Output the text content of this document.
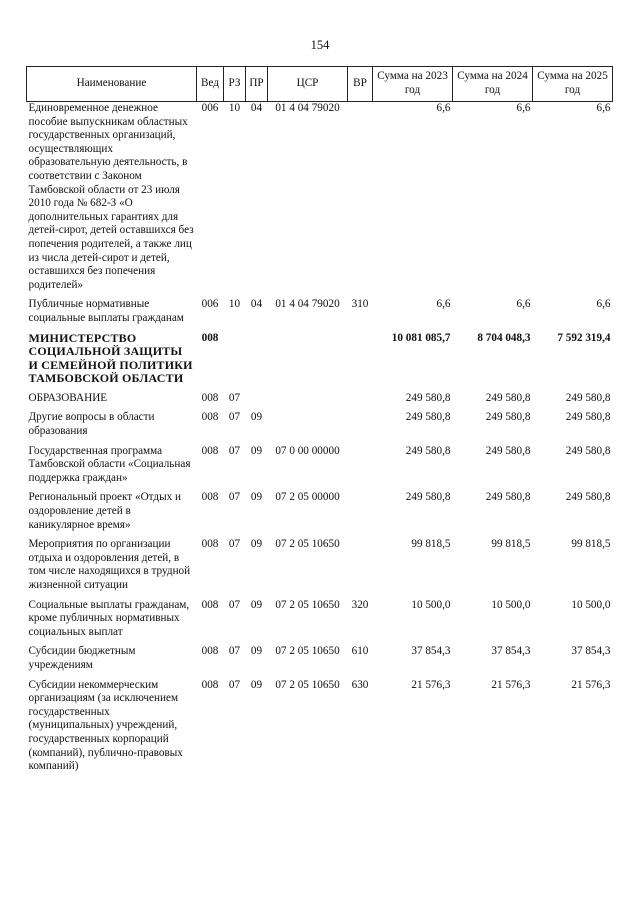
154
Наименование	Вед	РЗ	ПР	ЦСР	ВР	Сумма на 2023 год	Сумма на 2024 год	Сумма на 2025 год
Единовременное денежное пособие выпускникам областных государственных организаций, осуществляющих образовательную деятельность, в соответствии с Законом Тамбовской области от 23 июля 2010 года № 682-З «О дополнительных гарантиях для детей-сирот, детей оставшихся без попечения родителей, а также лиц из числа детей-сирот и детей, оставшихся без попечения родителей»	006	10	04	01 4 04 79020		6,6	6,6	6,6
Публичные нормативные социальные выплаты гражданам	006	10	04	01 4 04 79020	310	6,6	6,6	6,6
МИНИСТЕРСТВО СОЦИАЛЬНОЙ ЗАЩИТЫ И СЕМЕЙНОЙ ПОЛИТИКИ ТАМБОВСКОЙ ОБЛАСТИ	008					10 081 085,7	8 704 048,3	7 592 319,4
ОБРАЗОВАНИЕ	008	07				249 580,8	249 580,8	249 580,8
Другие вопросы в области образования	008	07	09			249 580,8	249 580,8	249 580,8
Государственная программа Тамбовской области «Социальная поддержка граждан»	008	07	09	07 0 00 00000		249 580,8	249 580,8	249 580,8
Региональный проект «Отдых и оздоровление детей в каникулярное время»	008	07	09	07 2 05 00000		249 580,8	249 580,8	249 580,8
Мероприятия по организации отдыха и оздоровления детей, в том числе находящихся в трудной жизненной ситуации	008	07	09	07 2 05 10650		99 818,5	99 818,5	99 818,5
Социальные выплаты гражданам, кроме публичных нормативных социальных выплат	008	07	09	07 2 05 10650	320	10 500,0	10 500,0	10 500,0
Субсидии бюджетным учреждениям	008	07	09	07 2 05 10650	610	37 854,3	37 854,3	37 854,3
Субсидии некоммерческим организациям (за исключением государственных (муниципальных) учреждений, государственных корпораций (компаний), публично-правовых компаний)	008	07	09	07 2 05 10650	630	21 576,3	21 576,3	21 576,3
